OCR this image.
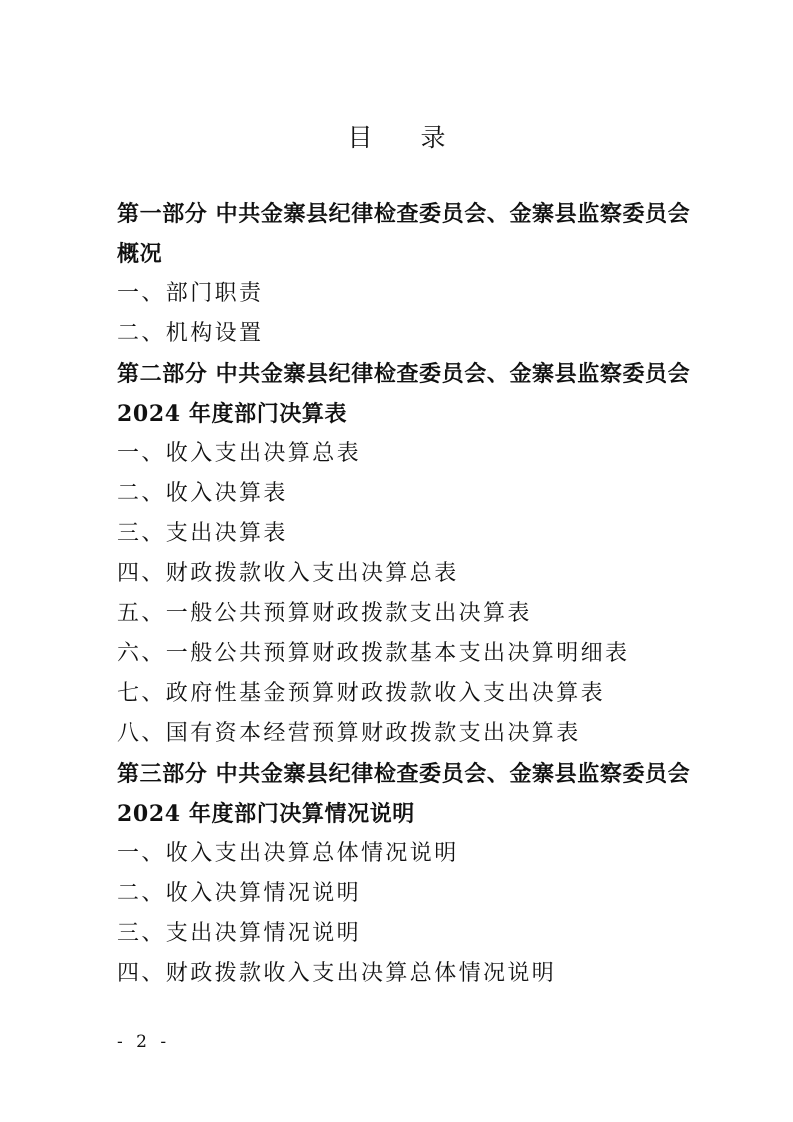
目 录
第一部分 中共金寨县纪律检查委员会、金寨县监察委员会概况
一、部门职责
二、机构设置
第二部分 中共金寨县纪律检查委员会、金寨县监察委员会 2024 年度部门决算表
一、收入支出决算总表
二、收入决算表
三、支出决算表
四、财政拨款收入支出决算总表
五、一般公共预算财政拨款支出决算表
六、一般公共预算财政拨款基本支出决算明细表
七、政府性基金预算财政拨款收入支出决算表
八、国有资本经营预算财政拨款支出决算表
第三部分 中共金寨县纪律检查委员会、金寨县监察委员会 2024 年度部门决算情况说明
一、收入支出决算总体情况说明
二、收入决算情况说明
三、支出决算情况说明
四、财政拨款收入支出决算总体情况说明
- 2 -
